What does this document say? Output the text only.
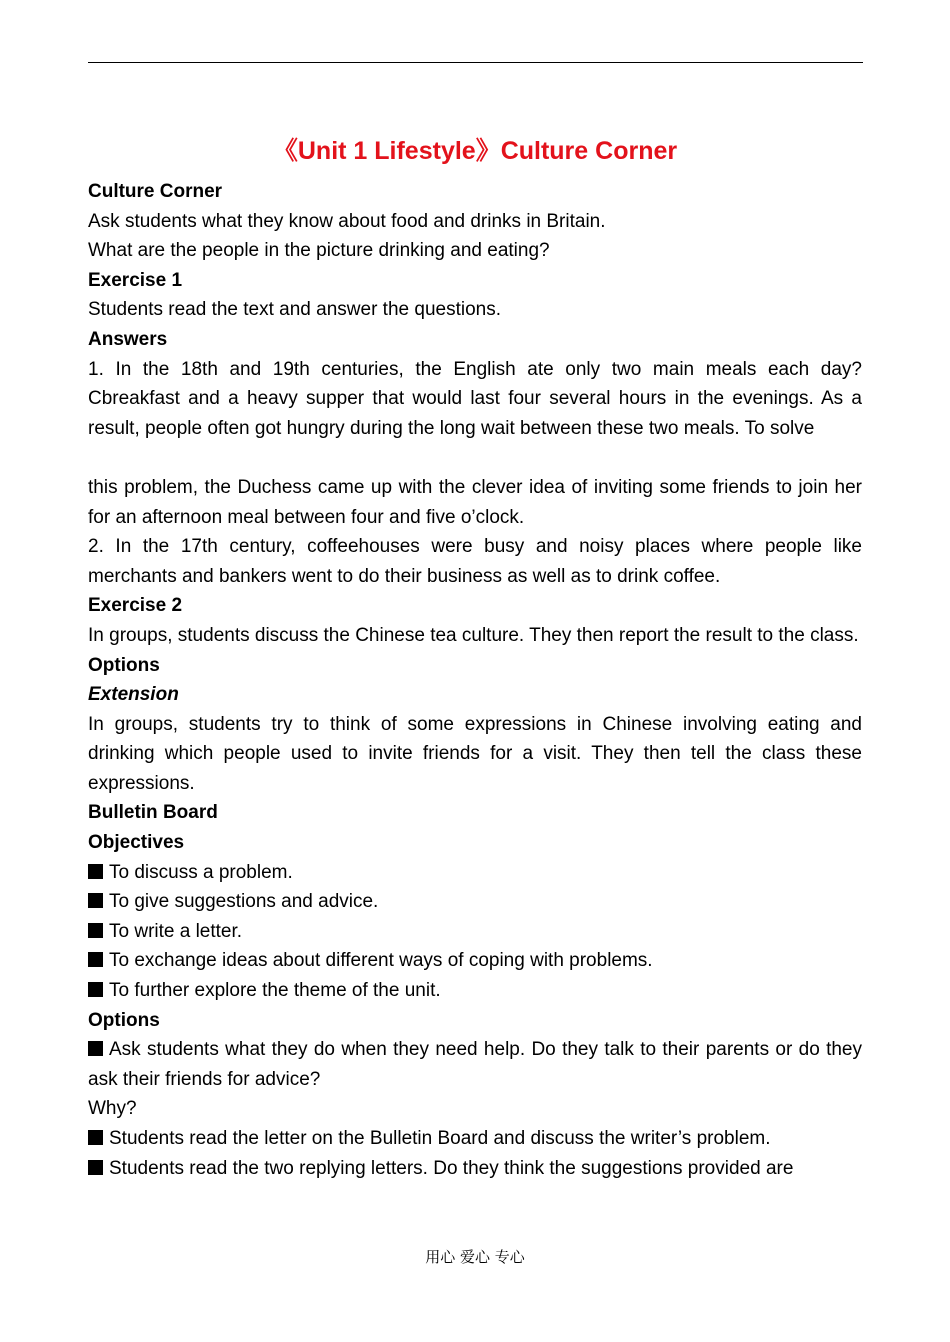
《Unit 1 Lifestyle》Culture Corner

Culture Corner

Ask students what they know about food and drinks in Britain.

What are the people in the picture drinking and eating?

Exercise 1

Students read the text and answer the questions.

Answers

1. In the 18th and 19th centuries, the English ate only two main meals each day? Cbreakfast and a heavy supper that would last four several hours in the evenings. As a result, people often got hungry during the long wait between these two meals. To solve

this problem, the Duchess came up with the clever idea of inviting some friends to join her for an afternoon meal between four and five o’clock.

2. In the 17th century, coffeehouses were busy and noisy places where people like merchants and bankers went to do their business as well as to drink coffee.

Exercise 2

In groups, students discuss the Chinese tea culture. They then report the result to the class.

Options

Extension

In groups, students try to think of some expressions in Chinese involving eating and drinking which people used to invite friends for a visit. They then tell the class these expressions.

Bulletin Board

Objectives

To discuss a problem.

To give suggestions and advice.

To write a letter.

To exchange ideas about different ways of coping with problems.

To further explore the theme of the unit.

Options

Ask students what they do when they need help. Do they talk to their parents or do they ask their friends for advice?

Why?

Students read the letter on the Bulletin Board and discuss the writer’s problem.

Students read the two replying letters. Do they think the suggestions provided are

用心 爱心 专心
